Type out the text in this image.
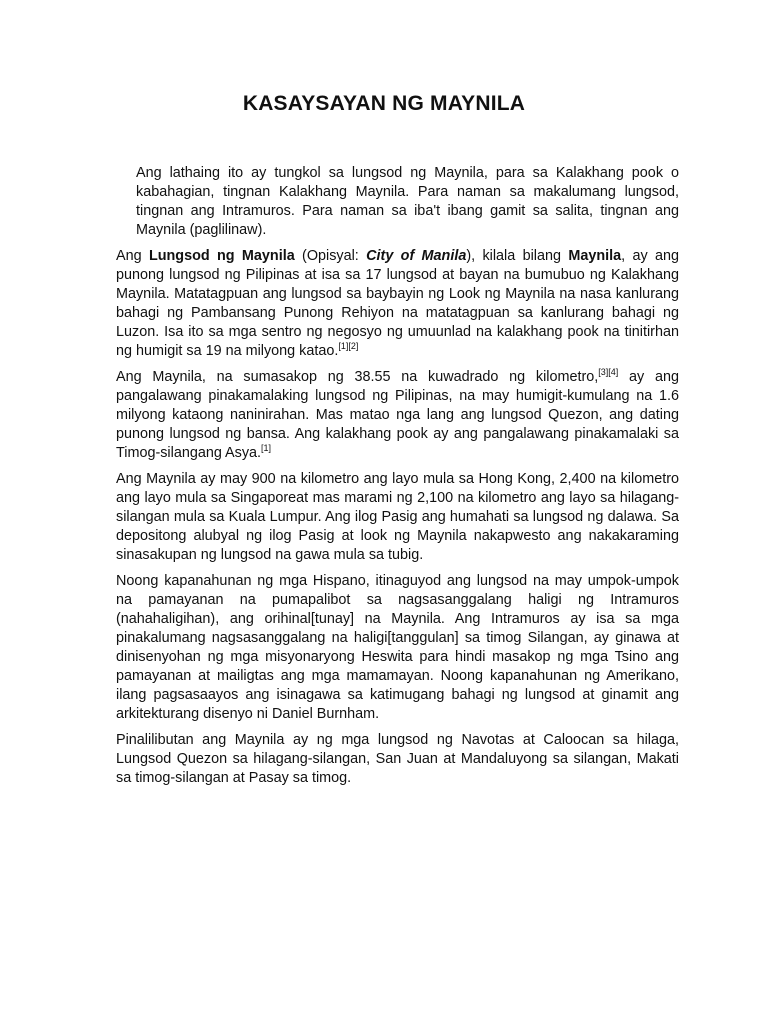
KASAYSAYAN NG MAYNILA

Ang lathaing ito ay tungkol sa lungsod ng Maynila, para sa Kalakhang pook o kabahagian, tingnan Kalakhang Maynila. Para naman sa makalumang lungsod, tingnan ang Intramuros. Para naman sa iba't ibang gamit sa salita, tingnan ang Maynila (paglilinaw).

Ang Lungsod ng Maynila (Opisyal: City of Manila), kilala bilang Maynila, ay ang punong lungsod ng Pilipinas at isa sa 17 lungsod at bayan na bumubuo ng Kalakhang Maynila. Matatagpuan ang lungsod sa baybayin ng Look ng Maynila na nasa kanlurang bahagi ng Pambansang Punong Rehiyon na matatagpuan sa kanlurang bahagi ng Luzon. Isa ito sa mga sentro ng negosyo ng umuunlad na kalakhang pook na tinitirhan ng humigit sa 19 na milyong katao.[1][2]

Ang Maynila, na sumasakop ng 38.55 na kuwadrado ng kilometro,[3][4] ay ang pangalawang pinakamalaking lungsod ng Pilipinas, na may humigit-kumulang na 1.6 milyong kataong naninirahan. Mas matao nga lang ang lungsod Quezon, ang dating punong lungsod ng bansa. Ang kalakhang pook ay ang pangalawang pinakamalaki sa Timog-silangang Asya.[1]

Ang Maynila ay may 900 na kilometro ang layo mula sa Hong Kong, 2,400 na kilometro ang layo mula sa Singaporeat mas marami ng 2,100 na kilometro ang layo sa hilagang-silangan mula sa Kuala Lumpur. Ang ilog Pasig ang humahati sa lungsod ng dalawa. Sa depositong alubyal ng ilog Pasig at look ng Maynila nakapwesto ang nakakaraming sinasakupan ng lungsod na gawa mula sa tubig.

Noong kapanahunan ng mga Hispano, itinaguyod ang lungsod na may umpok-umpok na pamayanan na pumapalibot sa nagsasanggalang haligi ng Intramuros (nahahaligihan), ang orihinal[tunay] na Maynila. Ang Intramuros ay isa sa mga pinakalumang nagsasanggalang na haligi[tanggulan] sa timog Silangan, ay ginawa at dinisenyohan ng mga misyonaryong Heswita para hindi masakop ng mga Tsino ang pamayanan at mailigtas ang mga mamamayan. Noong kapanahunan ng Amerikano, ilang pagsasaayos ang isinagawa sa katimugang bahagi ng lungsod at ginamit ang arkitekturang disenyo ni Daniel Burnham.

Pinalilibutan ang Maynila ay ng mga lungsod ng Navotas at Caloocan sa hilaga, Lungsod Quezon sa hilagang-silangan, San Juan at Mandaluyong sa silangan, Makati sa timog-silangan at Pasay sa timog.
